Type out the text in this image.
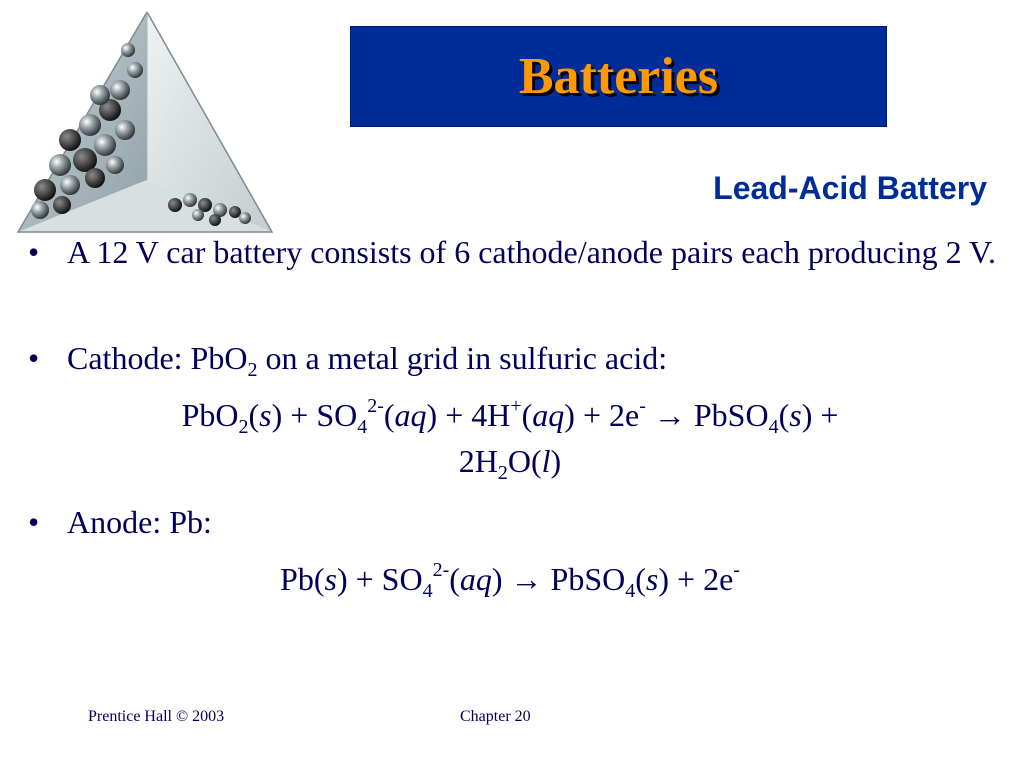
Batteries
Lead-Acid Battery
• A 12 V car battery consists of 6 cathode/anode pairs each producing 2 V.
• Cathode: PbO$_2$ on a metal grid in sulfuric acid:
$PbO_2(s) + SO_4^{2-}(aq) + 4H^+(aq) + 2e^-$ → PbSO$_4$(s) +
$2H_2O(l)$
• Anode: Pb:
$Pb(s) + SO_4^{2-}(aq)$ → PbSO$_4$(s) + 2e-
Prentice Hall © 2003	Chapter 20
